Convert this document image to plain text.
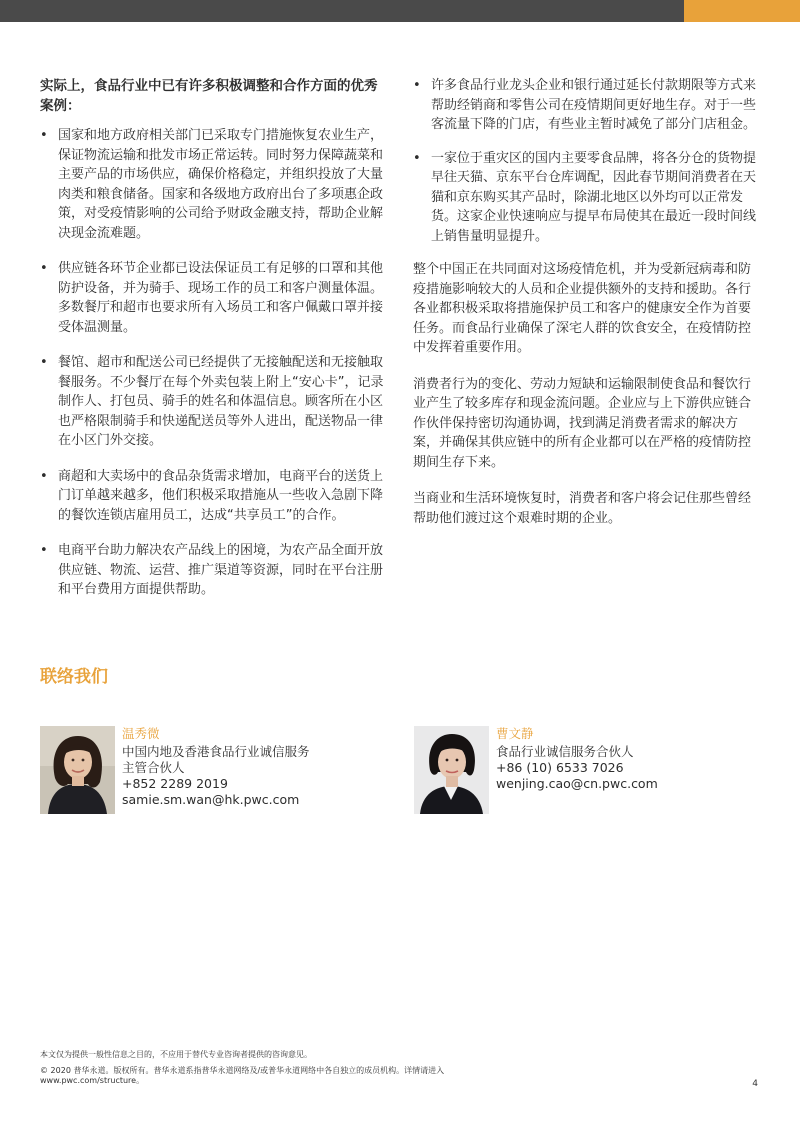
实际上，食品行业中已有许多积极调整和合作方面的优秀案例：
• 国家和地方政府相关部门已采取专门措施恢复农业生产，保证物流运输和批发市场正常运转。同时努力保障蔬菜和主要产品的市场供应，确保价格稳定，并组织投放了大量肉类和粮食储备。国家和各级地方政府出台了多项惠企政策，对受疫情影响的公司给予财政金融支持，帮助企业解决现金流难题。
• 供应链各环节企业都已设法保证员工有足够的口罩和其他防护设备，并为骑手、现场工作的员工和客户测量体温。多数餐厅和超市也要求所有入场员工和客户佩戴口罩并接受体温测量。
• 餐馆、超市和配送公司已经提供了无接触配送和无接触取餐服务。不少餐厅在每个外卖包装上附上“安心卡”，记录制作人、打包员、骑手的姓名和体温信息。顾客所在小区也严格限制骑手和快递配送员等外人进出，配送物品一律在小区门外交接。
• 商超和大卖场中的食品杂货需求增加，电商平台的送货上门订单越来越多，他们积极采取措施从一些收入急剧下降的餐饮连锁店雇用员工，达成“共享员工”的合作。
• 电商平台助力解决农产品线上的困境，为农产品全面开放供应链、物流、运营、推广渠道等资源，同时在平台注册和平台费用方面提供帮助。
• 许多食品行业龙头企业和银行通过延长付款期限等方式来帮助经销商和零售公司在疫情期间更好地生存。对于一些客流量下降的门店，有些业主暂时减免了部分门店租金。
• 一家位于重灾区的国内主要零食品牌，将各分仓的货物提早往天猫、京东平台仓库调配，因此春节期间消费者在天猫和京东购买其产品时，除湖北地区以外均可以正常发货。这家企业快速响应与提早布局使其在最近一段时间线上销售量明显提升。

整个中国正在共同面对这场疫情危机，并为受新冠病毒和防疫措施影响较大的人员和企业提供额外的支持和援助。各行各业都积极采取将措施保护员工和客户的健康安全作为首要任务。而食品行业确保了深宅人群的饮食安全，在疫情防控中发挥着重要作用。

消费者行为的变化、劳动力短缺和运输限制使食品和餐饮行业产生了较多库存和现金流问题。企业应与上下游供应链合作伙伴保持密切沟通协调，找到满足消费者需求的解决方案，并确保其供应链中的所有企业都可以在严格的疫情防控期间生存下来。

当商业和生活环境恢复时，消费者和客户将会记住那些曾经帮助他们渡过这个艰难时期的企业。

联络我们
温秀微
中国内地及香港食品行业诚信服务
主管合伙人
+852 2289 2019
samie.sm.wan@hk.pwc.com
曹文静
食品行业诚信服务合伙人
+86 (10) 6533 7026
wenjing.cao@cn.pwc.com
本文仅为提供一般性信息之目的，不应用于替代专业咨询者提供的咨询意见。
© 2020 普华永道。版权所有。普华永道系指普华永道网络及/或普华永道网络中各自独立的成员机构。详情请进入
www.pwc.com/structure。	4
